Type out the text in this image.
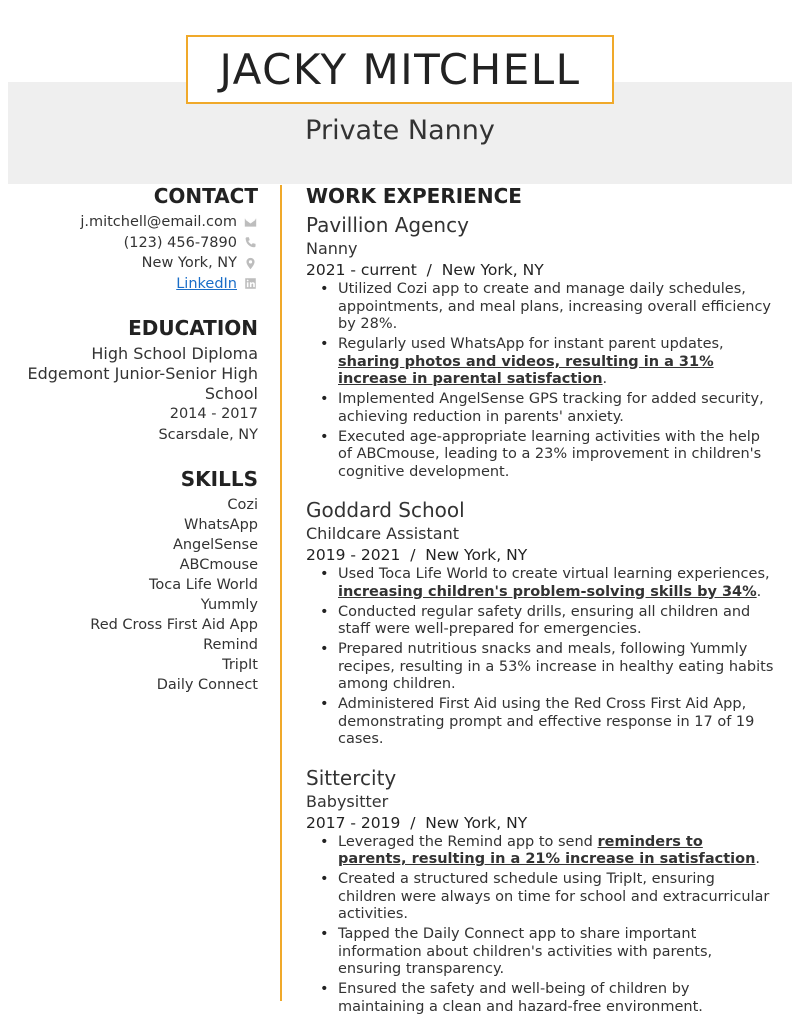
JACKY MITCHELL
Private Nanny
CONTACT
j.mitchell@email.com
(123) 456-7890
New York, NY
LinkedIn
EDUCATION
High School Diploma
Edgemont Junior-Senior High
School
2014 - 2017
Scarsdale, NY
SKILLS
Cozi
WhatsApp
AngelSense
ABCmouse
Toca Life World
Yummly
Red Cross First Aid App
Remind
TripIt
Daily Connect
WORK EXPERIENCE
Pavillion Agency
Nanny
2021 - current / New York, NY
• Utilized Cozi app to create and manage daily schedules, appointments, and meal plans, increasing overall efficiency by 28%.
• Regularly used WhatsApp for instant parent updates, sharing photos and videos, resulting in a 31% increase in parental satisfaction.
• Implemented AngelSense GPS tracking for added security, achieving reduction in parents' anxiety.
• Executed age-appropriate learning activities with the help of ABCmouse, leading to a 23% improvement in children's cognitive development.
Goddard School
Childcare Assistant
2019 - 2021 / New York, NY
• Used Toca Life World to create virtual learning experiences, increasing children's problem-solving skills by 34%.
• Conducted regular safety drills, ensuring all children and staff were well-prepared for emergencies.
• Prepared nutritious snacks and meals, following Yummly recipes, resulting in a 53% increase in healthy eating habits among children.
• Administered First Aid using the Red Cross First Aid App, demonstrating prompt and effective response in 17 of 19 cases.
Sittercity
Babysitter
2017 - 2019 / New York, NY
• Leveraged the Remind app to send reminders to parents, resulting in a 21% increase in satisfaction.
• Created a structured schedule using TripIt, ensuring children were always on time for school and extracurricular activities.
• Tapped the Daily Connect app to share important information about children's activities with parents, ensuring transparency.
• Ensured the safety and well-being of children by maintaining a clean and hazard-free environment.
